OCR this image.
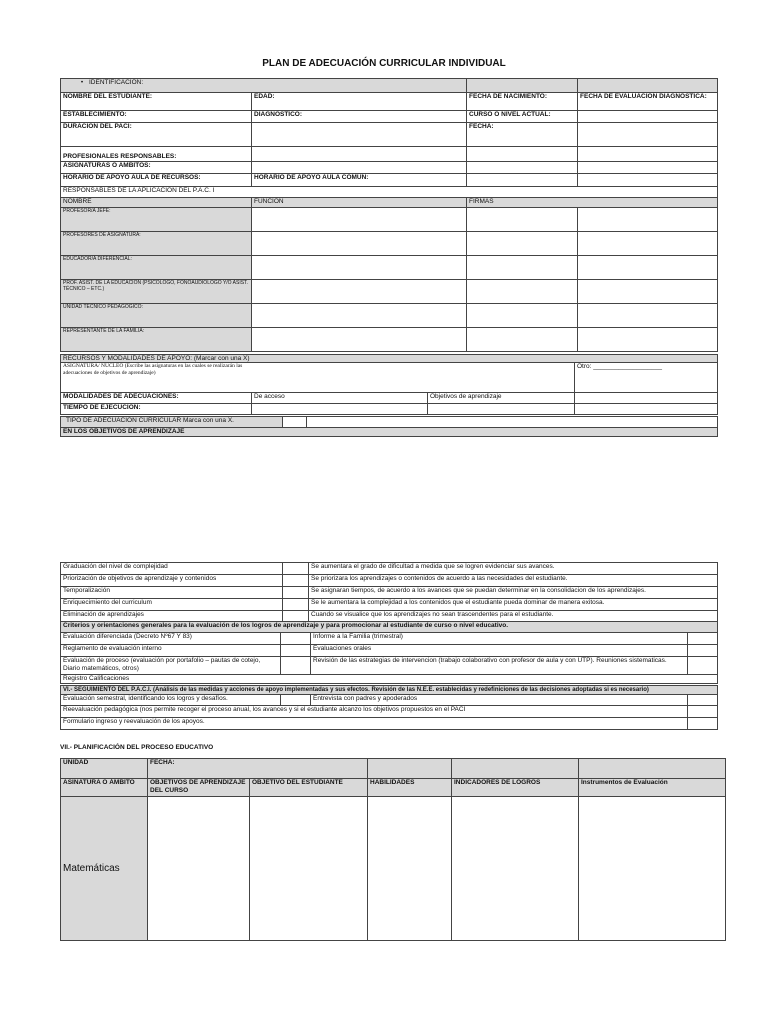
PLAN DE ADECUACIÓN CURRICULAR INDIVIDUAL
• IDENTIFICACION:		
NOMBRE DEL ESTUDIANTE:	EDAD:	FECHA DE NACIMIENTO:	FECHA DE EVALUACION DIAGNOSTICA:
ESTABLECIMIENTO:	DIAGNOSTICO:	CURSO O NIVEL ACTUAL:	
DURACION DEL PACI:		FECHA:	
PROFESIONALES RESPONSABLES:			
ASIGNATURAS O AMBITOS:			
HORARIO DE APOYO AULA DE RECURSOS:	HORARIO DE APOYO AULA COMUN:		
RESPONSABLES DE LA APLICACIÓN DEL P.A.C. I			
NOMBRE	FUNCION	FIRMAS	
PROFESOR/A JEFE:			
PROFESORES DE ASIGNATURA:			
EDUCADOR/A DIFERENCIAL:			
PROF. ASIST. DE LA EDUCACION (PSICOLOGO, FONOAUDIOLOGO Y/O ASIST. TÉCNICO – ETC.)			
UNIDAD TECNICO PEDAGOGICO:			
REPRESENTANTE DE LA FAMILIA:			
RECURSOS Y MODALIDADES DE APOYO: (Marcar con una X)			
ASIGNATURA/ NUCLEO (Escribe las asignaturas en las cuales se realizarán las adecuaciones de objetivos de aprendizaje)			Otro: ___________________
MODALIDADES DE ADECUACIONES:	De acceso	Objetivos de aprendizaje	
TIEMPO DE EJECUCIÓN:			
TIPO DE ADECUACIÓN CURRICULAR Marca con una X.		
EN LOS OBJETIVOS DE APRENDIZAJE
Graduación del nivel de complejidad		Se aumentara el grado de dificultad a medida que se logren evidenciar sus avances.
Priorización de objetivos de aprendizaje y contenidos		Se priorizara los aprendizajes o contenidos de acuerdo a las necesidades del estudiante.
Temporalización		Se asignaran tiempos, de acuerdo a los avances que se puedan determinar en la consolidacion de los aprendizajes.
Enriquecimiento del curriculum		Se le aumentara la complejidad a los contenidos que el estudiante pueda dominar de manera exitosa.
Eliminación de aprendizajes		Cuando se visualice que los aprendizajes no sean trascendentes para el estudiante.
Criterios y orientaciones generales para la evaluación de los logros de aprendizaje y para promocionar al estudiante de curso o nivel educativo.			
Evaluación diferenciada (Decreto Nº67 Y 83)		Informe a la Familia (trimestral)	
Reglamento de evaluación interno		Evaluaciones orales	
Evaluación de proceso (evaluación por portafolio – pautas de cotejo, Diario matemáticos, otros)		Revisión de las estrategias de intervencion (trabajo colaborativo con profesor de aula y con UTP). Reuniones sistematicas.	
Registro Calificaciones			
VI.- SEGUIMIENTO DEL P.A.C.I. (Análisis de las medidas y acciones de apoyo implementadas y sus efectos. Revisión de las N.E.E. establecidas y redefiniciones de las decisiones adoptadas si es necesario)			
Evaluación semestral, identificando los logros y desafíos.		Entrevista con padres y apoderados	
Reevaluación pedagógica (nos permite recoger el proceso anual, los avances y si el estudiante alcanzo los objetivos propuestos en el PACI			
Formulario ingreso y reevaluación de los apoyos.			
VII.- PLANIFICACIÓN DEL PROCESO EDUCATIVO
UNIDAD	FECHA:				
ASINATURA O ÁMBITO	OBJETIVOS DE APRENDIZAJE DEL CURSO	OBJETIVO DEL ESTUDIANTE	HABILIDADES	INDICADORES DE LOGROS	Instrumentos de Evaluación
Matemáticas					
